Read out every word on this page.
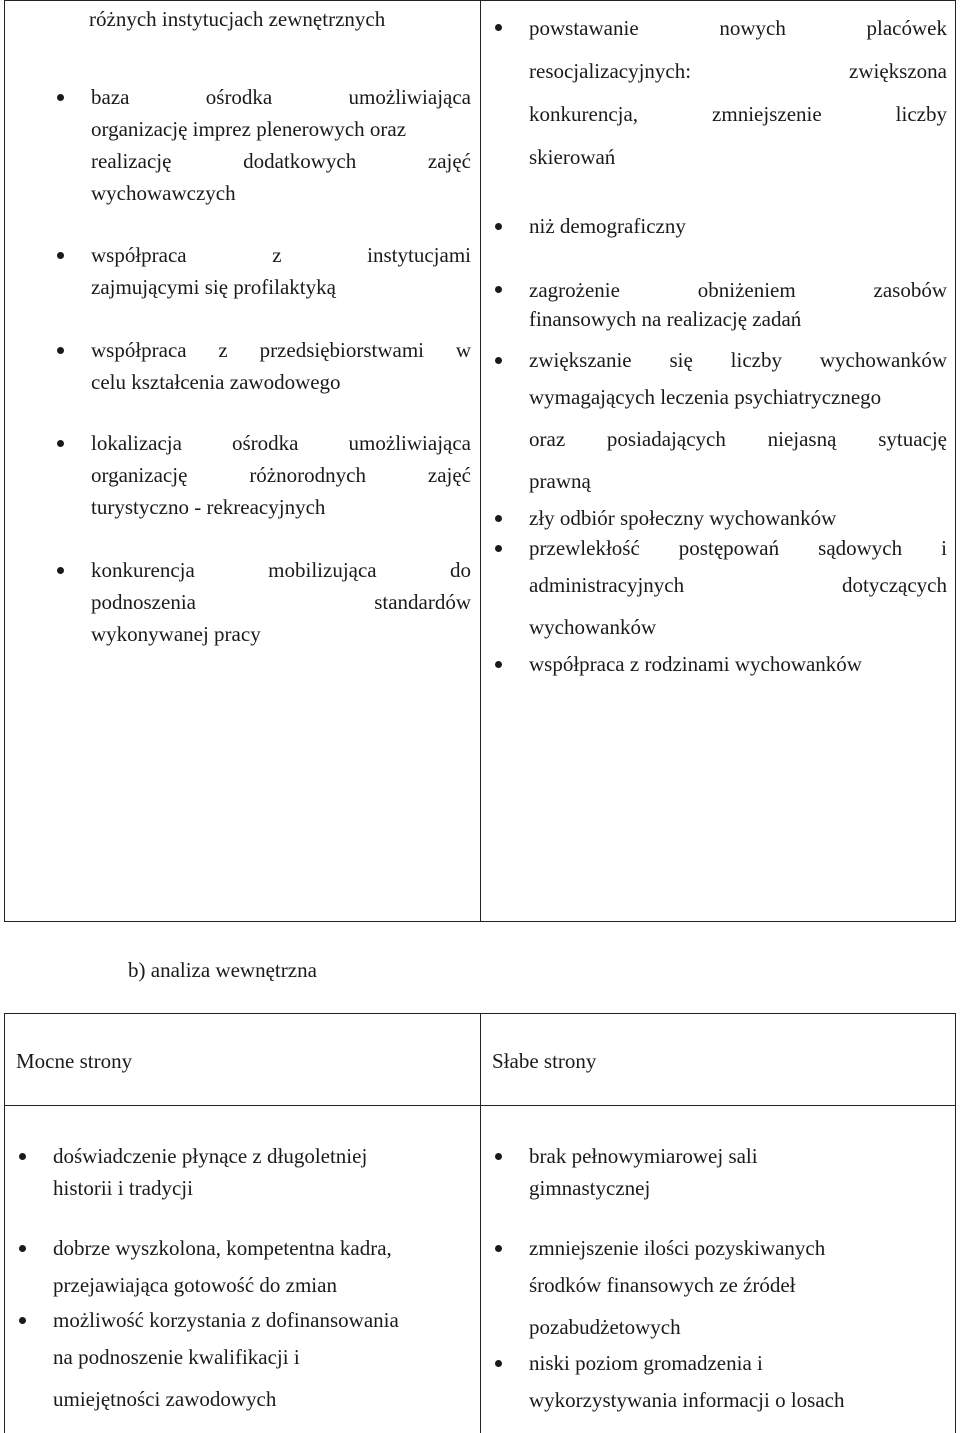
różnych instytucjach zewnętrznych
baza ośrodka umożliwiająca
organizację imprez plenerowych oraz
realizację dodatkowych zajęć
wychowawczych
współpraca z instytucjami
zajmującymi się profilaktyką
współpraca z przedsiębiorstwami w
celu kształcenia zawodowego
lokalizacja ośrodka umożliwiająca
organizację różnorodnych zajęć
turystyczno - rekreacyjnych
konkurencja mobilizująca do
podnoszenia standardów
wykonywanej pracy
powstawanie nowych placówek
resocjalizacyjnych: zwiększona
konkurencja, zmniejszenie liczby
skierowań
niż demograficzny
zagrożenie obniżeniem zasobów
finansowych na realizację zadań
zwiększanie się liczby wychowanków
wymagających leczenia psychiatrycznego
oraz posiadających niejasną sytuację
prawną
zły odbiór społeczny wychowanków
przewlekłość postępowań sądowych i
administracyjnych dotyczących
wychowanków
współpraca z rodzinami wychowanków
b) analiza wewnętrzna
Mocne strony	Słabe strony
doświadczenie płynące z długoletniej
historii i tradycji
dobrze wyszkolona, kompetentna kadra,
przejawiająca gotowość do zmian
możliwość korzystania z dofinansowania
na podnoszenie kwalifikacji i
umiejętności zawodowych
brak pełnowymiarowej sali
gimnastycznej
zmniejszenie ilości pozyskiwanych
środków finansowych ze źródeł
pozabudżetowych
niski poziom gromadzenia i
wykorzystywania informacji o losach
